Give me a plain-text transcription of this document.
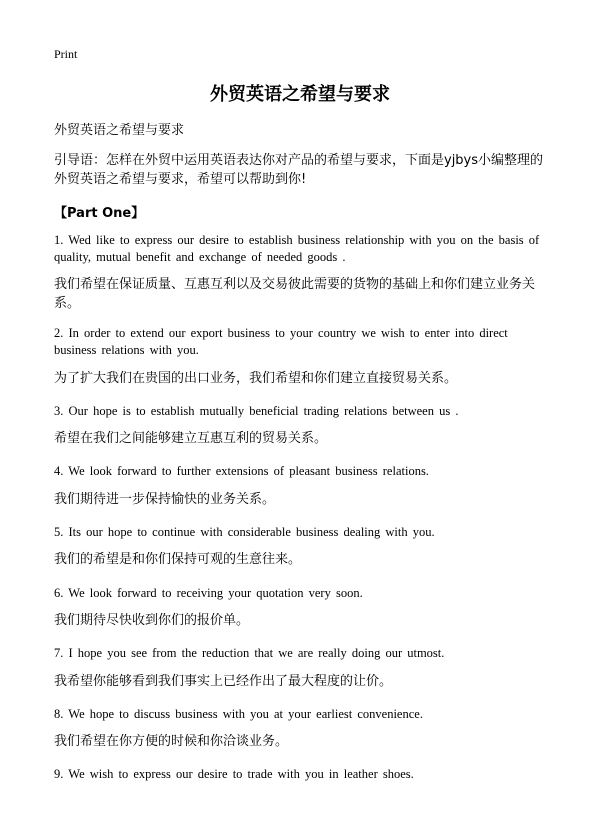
Print
外贸英语之希望与要求
外贸英语之希望与要求
引导语：怎样在外贸中运用英语表达你对产品的希望与要求，下面是yjbys小编整理的外贸英语之希望与要求，希望可以帮助到你!
【Part One】
1. Wed like to express our desire to establish business relationship with you on the basis of quality, mutual benefit and exchange of needed goods .
我们希望在保证质量、互惠互利以及交易彼此需要的货物的基础上和你们建立业务关系。
2. In order to extend our export business to your country we wish to enter into direct business relations with you.
为了扩大我们在贵国的出口业务，我们希望和你们建立直接贸易关系。
3. Our hope is to establish mutually beneficial trading relations between us .
希望在我们之间能够建立互惠互利的贸易关系。
4. We look forward to further extensions of pleasant business relations.
我们期待进一步保持愉快的业务关系。
5. Its our hope to continue with considerable business dealing with you.
我们的希望是和你们保持可观的生意往来。
6. We look forward to receiving your quotation very soon.
我们期待尽快收到你们的报价单。
7. I hope you see from the reduction that we are really doing our utmost.
我希望你能够看到我们事实上已经作出了最大程度的让价。
8. We hope to discuss business with you at your earliest convenience.
我们希望在你方便的时候和你洽谈业务。
9. We wish to express our desire to trade with you in leather shoes.
